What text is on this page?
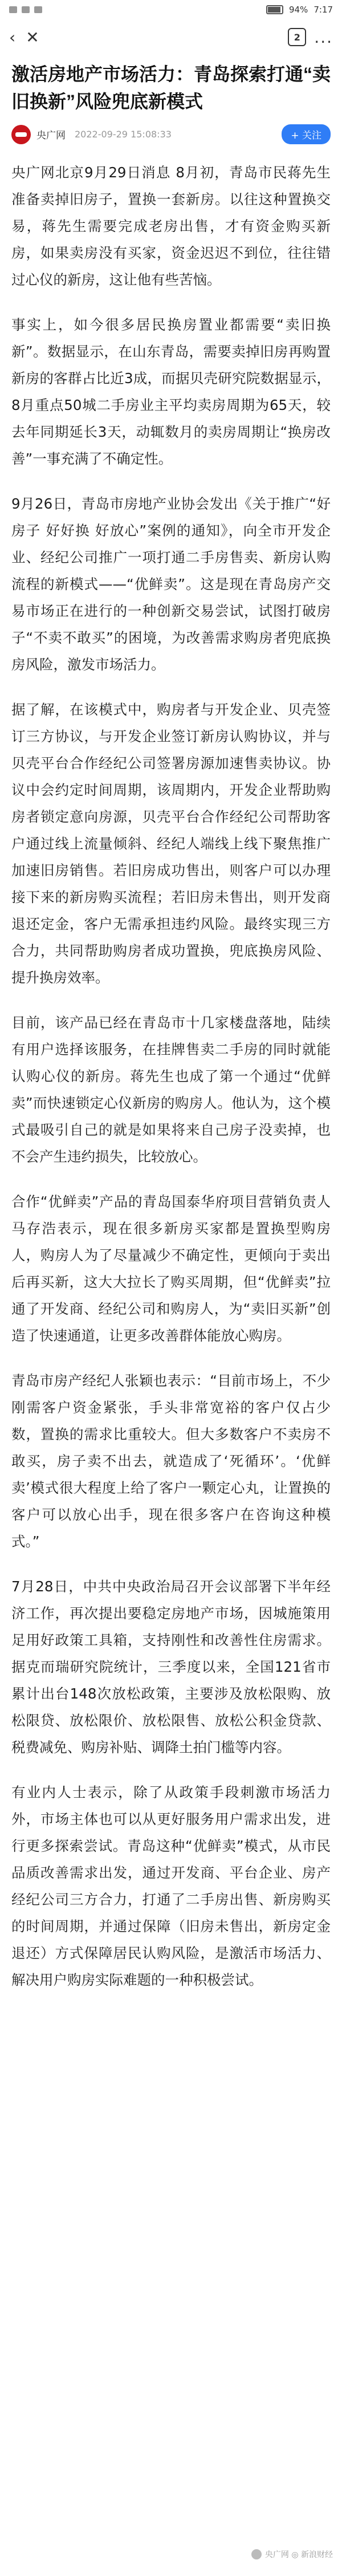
94% 7:17
‹ ✕	2 ...
激活房地产市场活力：青岛探索打通“卖旧换新”风险兜底新模式
央广网 2022-09-29 15:08:33	+ 关注

央广网北京9月29日消息 8月初，青岛市民蒋先生准备卖掉旧房子，置换一套新房。以往这种置换交易，蒋先生需要完成老房出售，才有资金购买新房，如果卖房没有买家，资金迟迟不到位，往往错过心仪的新房，这让他有些苦恼。

事实上，如今很多居民换房置业都需要“卖旧换新”。数据显示，在山东青岛，需要卖掉旧房再购置新房的客群占比近3成，而据贝壳研究院数据显示，8月重点50城二手房业主平均卖房周期为65天，较去年同期延长3天，动辄数月的卖房周期让“换房改善”一事充满了不确定性。

9月26日，青岛市房地产业协会发出《关于推广“好房子 好好换 好放心”案例的通知》，向全市开发企业、经纪公司推广一项打通二手房售卖、新房认购流程的新模式——“优鲜卖”。这是现在青岛房产交易市场正在进行的一种创新交易尝试，试图打破房子“不卖不敢买”的困境，为改善需求购房者兜底换房风险，激发市场活力。

据了解，在该模式中，购房者与开发企业、贝壳签订三方协议，与开发企业签订新房认购协议，并与贝壳平台合作经纪公司签署房源加速售卖协议。协议中会约定时间周期，该周期内，开发企业帮助购房者锁定意向房源，贝壳平台合作经纪公司帮助客户通过线上流量倾斜、经纪人端线上线下聚焦推广加速旧房销售。若旧房成功售出，则客户可以办理接下来的新房购买流程；若旧房未售出，则开发商退还定金，客户无需承担违约风险。最终实现三方合力，共同帮助购房者成功置换，兜底换房风险、提升换房效率。

目前，该产品已经在青岛市十几家楼盘落地，陆续有用户选择该服务，在挂牌售卖二手房的同时就能认购心仪的新房。蒋先生也成了第一个通过“优鲜卖”而快速锁定心仪新房的购房人。他认为，这个模式最吸引自己的就是如果将来自己房子没卖掉，也不会产生违约损失，比较放心。

合作“优鲜卖”产品的青岛国泰华府项目营销负责人马存浩表示，现在很多新房买家都是置换型购房人，购房人为了尽量减少不确定性，更倾向于卖出后再买新，这大大拉长了购买周期，但“优鲜卖”拉通了开发商、经纪公司和购房人，为“卖旧买新”创造了快速通道，让更多改善群体能放心购房。

青岛市房产经纪人张颖也表示：“目前市场上，不少刚需客户资金紧张，手头非常宽裕的客户仅占少数，置换的需求比重较大。但大多数客户不卖房不敢买，房子卖不出去，就造成了‘死循环’。‘优鲜卖’模式很大程度上给了客户一颗定心丸，让置换的客户可以放心出手，现在很多客户在咨询这种模式。”

7月28日，中共中央政治局召开会议部署下半年经济工作，再次提出要稳定房地产市场，因城施策用足用好政策工具箱，支持刚性和改善性住房需求。据克而瑞研究院统计，三季度以来，全国121省市累计出台148次放松政策，主要涉及放松限购、放松限贷、放松限价、放松限售、放松公积金贷款、税费减免、购房补贴、调降土拍门槛等内容。

有业内人士表示，除了从政策手段刺激市场活力外，市场主体也可以从更好服务用户需求出发，进行更多探索尝试。青岛这种“优鲜卖”模式，从市民品质改善需求出发，通过开发商、平台企业、房产经纪公司三方合力，打通了二手房出售、新房购买的时间周期，并通过保障（旧房未售出，新房定金退还）方式保障居民认购风险，是激活市场活力、解决用户购房实际难题的一种积极尝试。

央广网 ◎ 新浪财经
